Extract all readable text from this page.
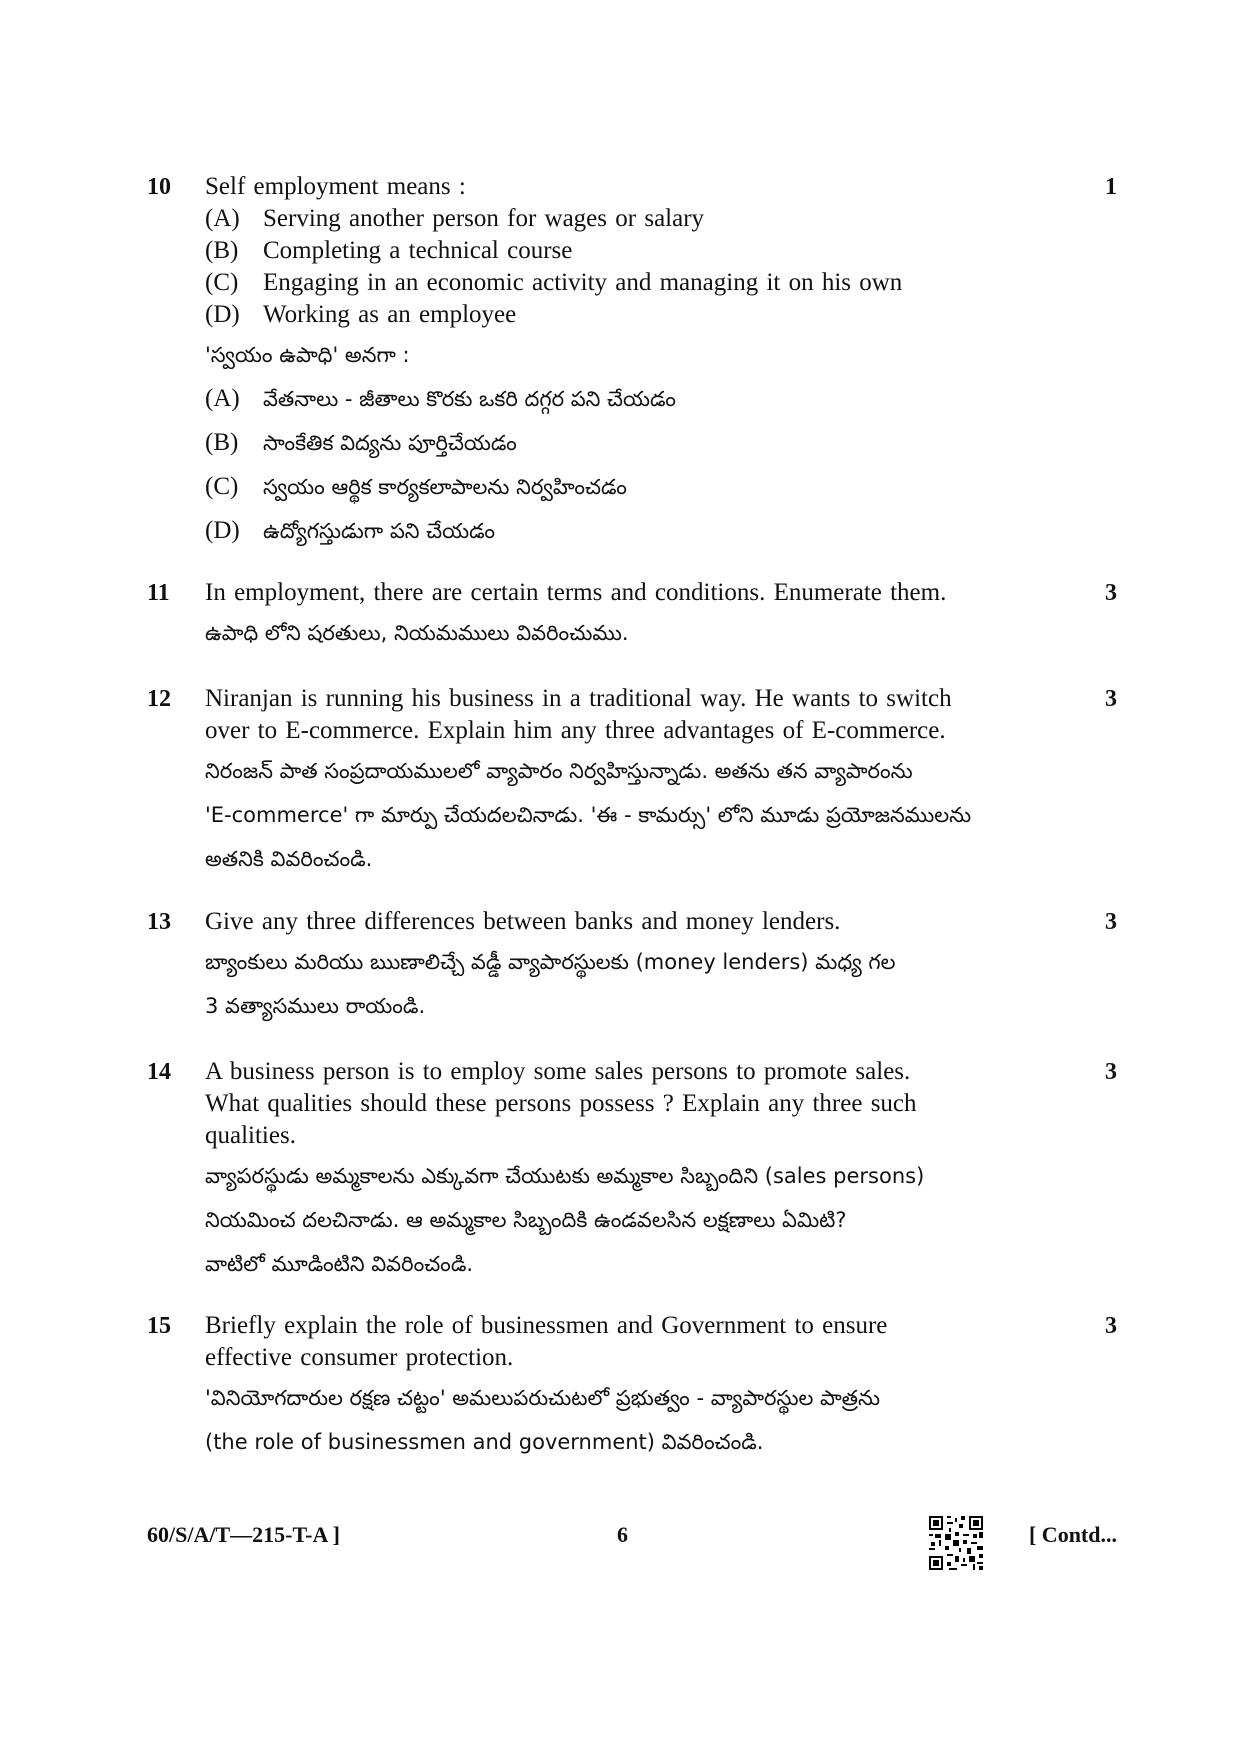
10	1
Self employment means :
(A) Serving another person for wages or salary
(B) Completing a technical course
(C) Engaging in an economic activity and managing it on his own
(D) Working as an employee
'స్వయం ఉపాధి' అనగా :
(A)	వేతనాలు - జీతాలు కొరకు ఒకరి దగ్గర పని చేయడం
(B)	సాంకేతిక విద్యను పూర్తిచేయడం
(C)	స్వయం ఆర్థిక కార్యకలాపాలను నిర్వహించడం
(D)	ఉద్యోగస్తుడుగా పని చేయడం
11	3
In employment, there are certain terms and conditions. Enumerate them.
ఉపాధి లోని షరతులు, నియమములు వివరించుము.
12	3
Niranjan is running his business in a traditional way. He wants to switch
over to E-commerce. Explain him any three advantages of E-commerce.
నిరంజన్ పాత సంప్రదాయములలో వ్యాపారం నిర్వహిస్తున్నాడు. అతను తన వ్యాపారంను
'E-commerce' గా మార్పు చేయదలచినాడు. 'ఈ - కామర్సు' లోని మూడు ప్రయోజనములను
అతనికి వివరించండి.
13	3
Give any three differences between banks and money lenders.
బ్యాంకులు మరియు ఋణాలిచ్చే వడ్డీ వ్యాపారస్థులకు (money lenders) మధ్య గల
3 వత్యాసములు రాయండి.
14	3
A business person is to employ some sales persons to promote sales.
What qualities should these persons possess ? Explain any three such
qualities.
వ్యాపరస్థుడు అమ్మకాలను ఎక్కువగా చేయుటకు అమ్మకాల సిబ్బందిని (sales persons)
నియమించ దలచినాడు. ఆ అమ్మకాల సిబ్బందికి ఉండవలసిన లక్షణాలు ఏమిటి?
వాటిలో మూడింటిని వివరించండి.
15	3
Briefly explain the role of businessmen and Government to ensure
effective consumer protection.
'వినియోగదారుల రక్షణ చట్టం' అమలుపరుచుటలో ప్రభుత్వం - వ్యాపారస్థుల పాత్రను
(the role of businessmen and government) వివరించండి.
60/S/A/T—215-T-A ]	6	[ Contd...
